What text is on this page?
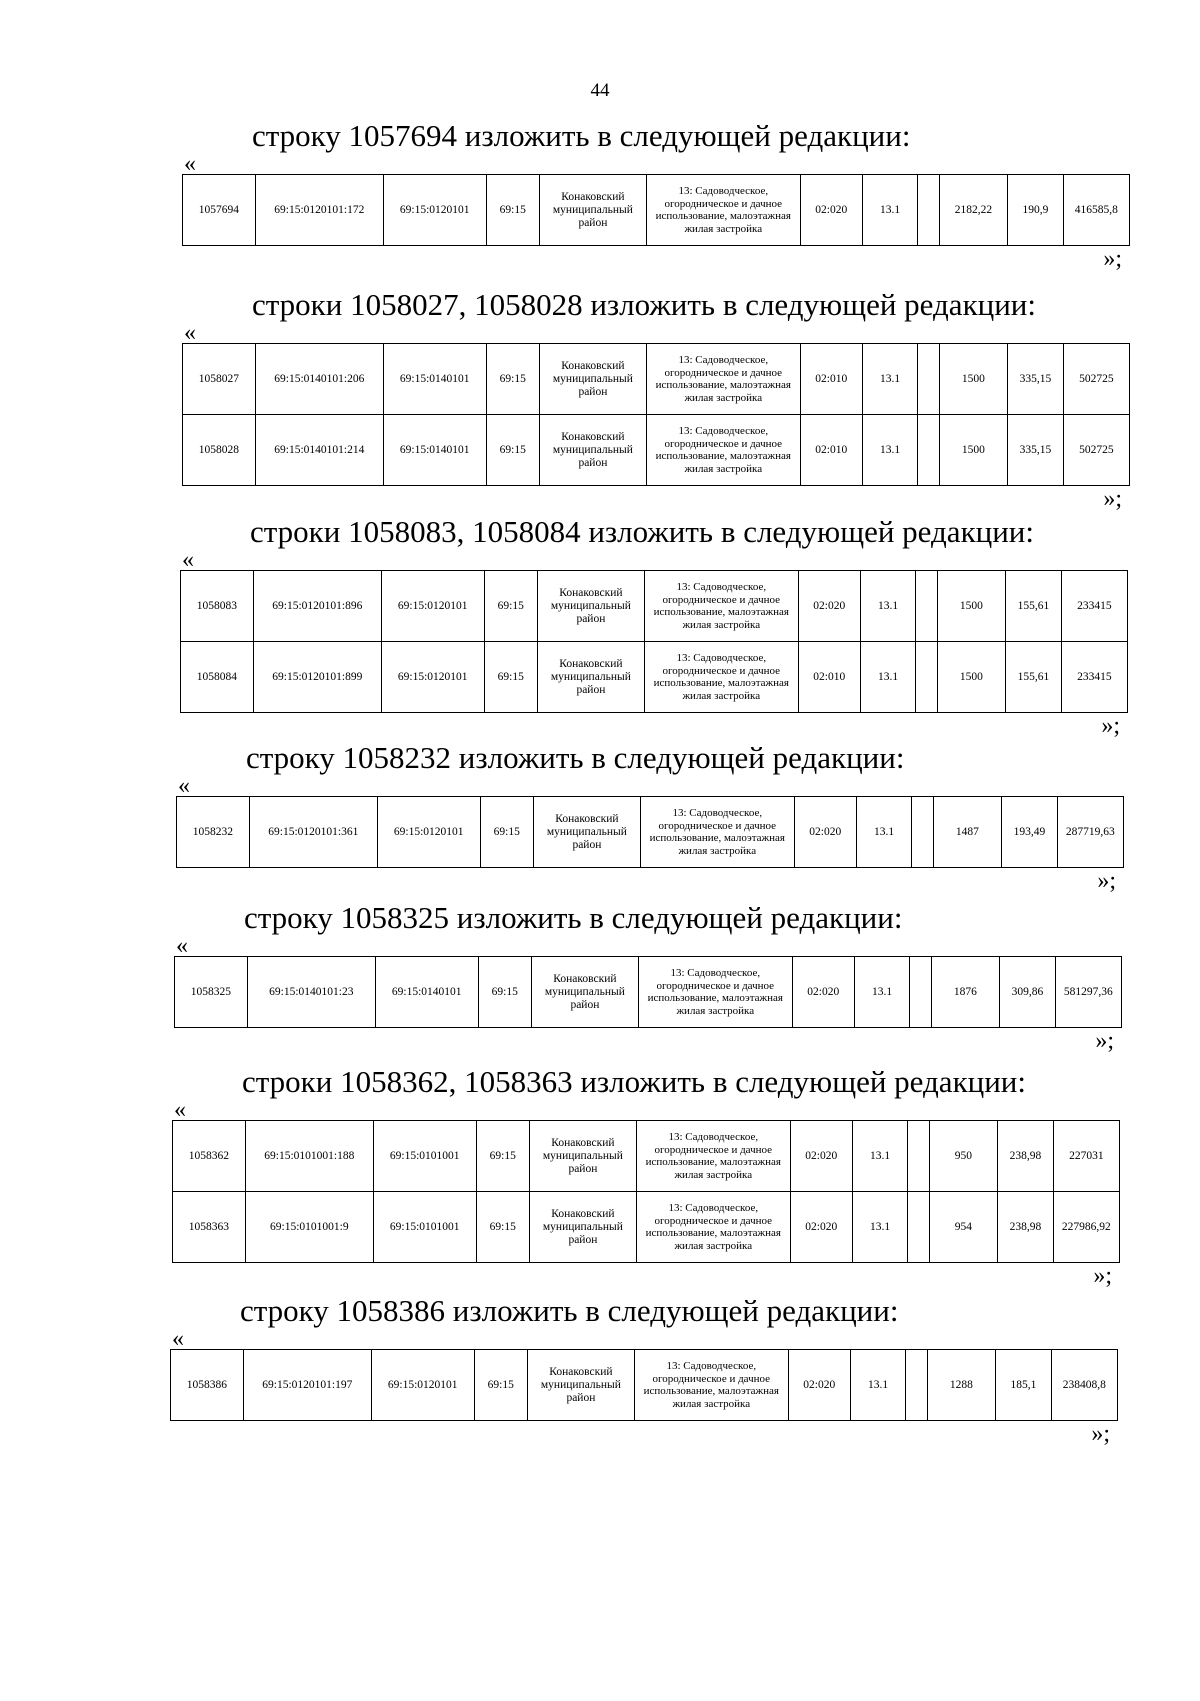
44
строку 1057694 изложить в следующей редакции:
«
1057694	69:15:0120101:172	69:15:0120101	69:15	Конаковский муниципальный район	13: Садоводческое, огородническое и дачное использование, малоэтажная жилая застройка	02:020	13.1		2182,22	190,9	416585,8
»;
строки 1058027, 1058028 изложить в следующей редакции:
«
1058027	69:15:0140101:206	69:15:0140101	69:15	Конаковский муниципальный район	13: Садоводческое, огородническое и дачное использование, малоэтажная жилая застройка	02:010	13.1		1500	335,15	502725
1058028	69:15:0140101:214	69:15:0140101	69:15	Конаковский муниципальный район	13: Садоводческое, огородническое и дачное использование, малоэтажная жилая застройка	02:010	13.1		1500	335,15	502725
»;
строки 1058083, 1058084 изложить в следующей редакции:
«
1058083	69:15:0120101:896	69:15:0120101	69:15	Конаковский муниципальный район	13: Садоводческое, огородническое и дачное использование, малоэтажная жилая застройка	02:020	13.1		1500	155,61	233415
1058084	69:15:0120101:899	69:15:0120101	69:15	Конаковский муниципальный район	13: Садоводческое, огородническое и дачное использование, малоэтажная жилая застройка	02:010	13.1		1500	155,61	233415
»;
строку 1058232 изложить в следующей редакции:
«
1058232	69:15:0120101:361	69:15:0120101	69:15	Конаковский муниципальный район	13: Садоводческое, огородническое и дачное использование, малоэтажная жилая застройка	02:020	13.1		1487	193,49	287719,63
»;
строку 1058325 изложить в следующей редакции:
«
1058325	69:15:0140101:23	69:15:0140101	69:15	Конаковский муниципальный район	13: Садоводческое, огородническое и дачное использование, малоэтажная жилая застройка	02:020	13.1		1876	309,86	581297,36
»;
строки 1058362, 1058363 изложить в следующей редакции:
«
1058362	69:15:0101001:188	69:15:0101001	69:15	Конаковский муниципальный район	13: Садоводческое, огородническое и дачное использование, малоэтажная жилая застройка	02:020	13.1		950	238,98	227031
1058363	69:15:0101001:9	69:15:0101001	69:15	Конаковский муниципальный район	13: Садоводческое, огородническое и дачное использование, малоэтажная жилая застройка	02:020	13.1		954	238,98	227986,92
»;
строку 1058386 изложить в следующей редакции:
«
1058386	69:15:0120101:197	69:15:0120101	69:15	Конаковский муниципальный район	13: Садоводческое, огородническое и дачное использование, малоэтажная жилая застройка	02:020	13.1		1288	185,1	238408,8
»;
